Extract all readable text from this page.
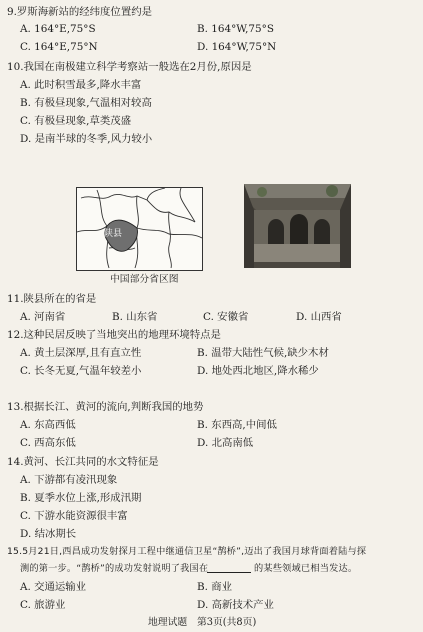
9.罗斯海新站的经纬度位置约是
A. 164°E,75°S	B. 164°W,75°S
C. 164°E,75°N	D. 164°W,75°N
10.我国在南极建立科学考察站一般选在2月份,原因是
A. 此时积雪最多,降水丰富
B. 有极昼现象,气温相对较高
C. 有极昼现象,草类茂盛
D. 是南半球的冬季,风力较小
陕县
中国部分省区图
11.陕县所在的省是
A. 河南省	B. 山东省	C. 安徽省	D. 山西省
12.这种民居反映了当地突出的地理环境特点是
A. 黄土层深厚,且有直立性	B. 温带大陆性气候,缺少木材
C. 长冬无夏,气温年较差小	D. 地处西北地区,降水稀少
13.根据长江、黄河的流向,判断我国的地势
A. 东高西低	B. 东西高,中间低
C. 西高东低	D. 北高南低
14.黄河、长江共同的水文特征是
A. 下游都有凌汛现象
B. 夏季水位上涨,形成汛期
C. 下游水能资源很丰富
D. 结冰期长
15.5月21日,西昌成功发射探月工程中继通信卫星“鹊桥”,迈出了我国月球背面着陆与探
测的第一步。“鹊桥”的成功发射说明了我国在	的某些领域已相当发达。
A. 交通运输业	B. 商业
C. 旅游业	D. 高新技术产业
地理试题　第3页(共8页)
